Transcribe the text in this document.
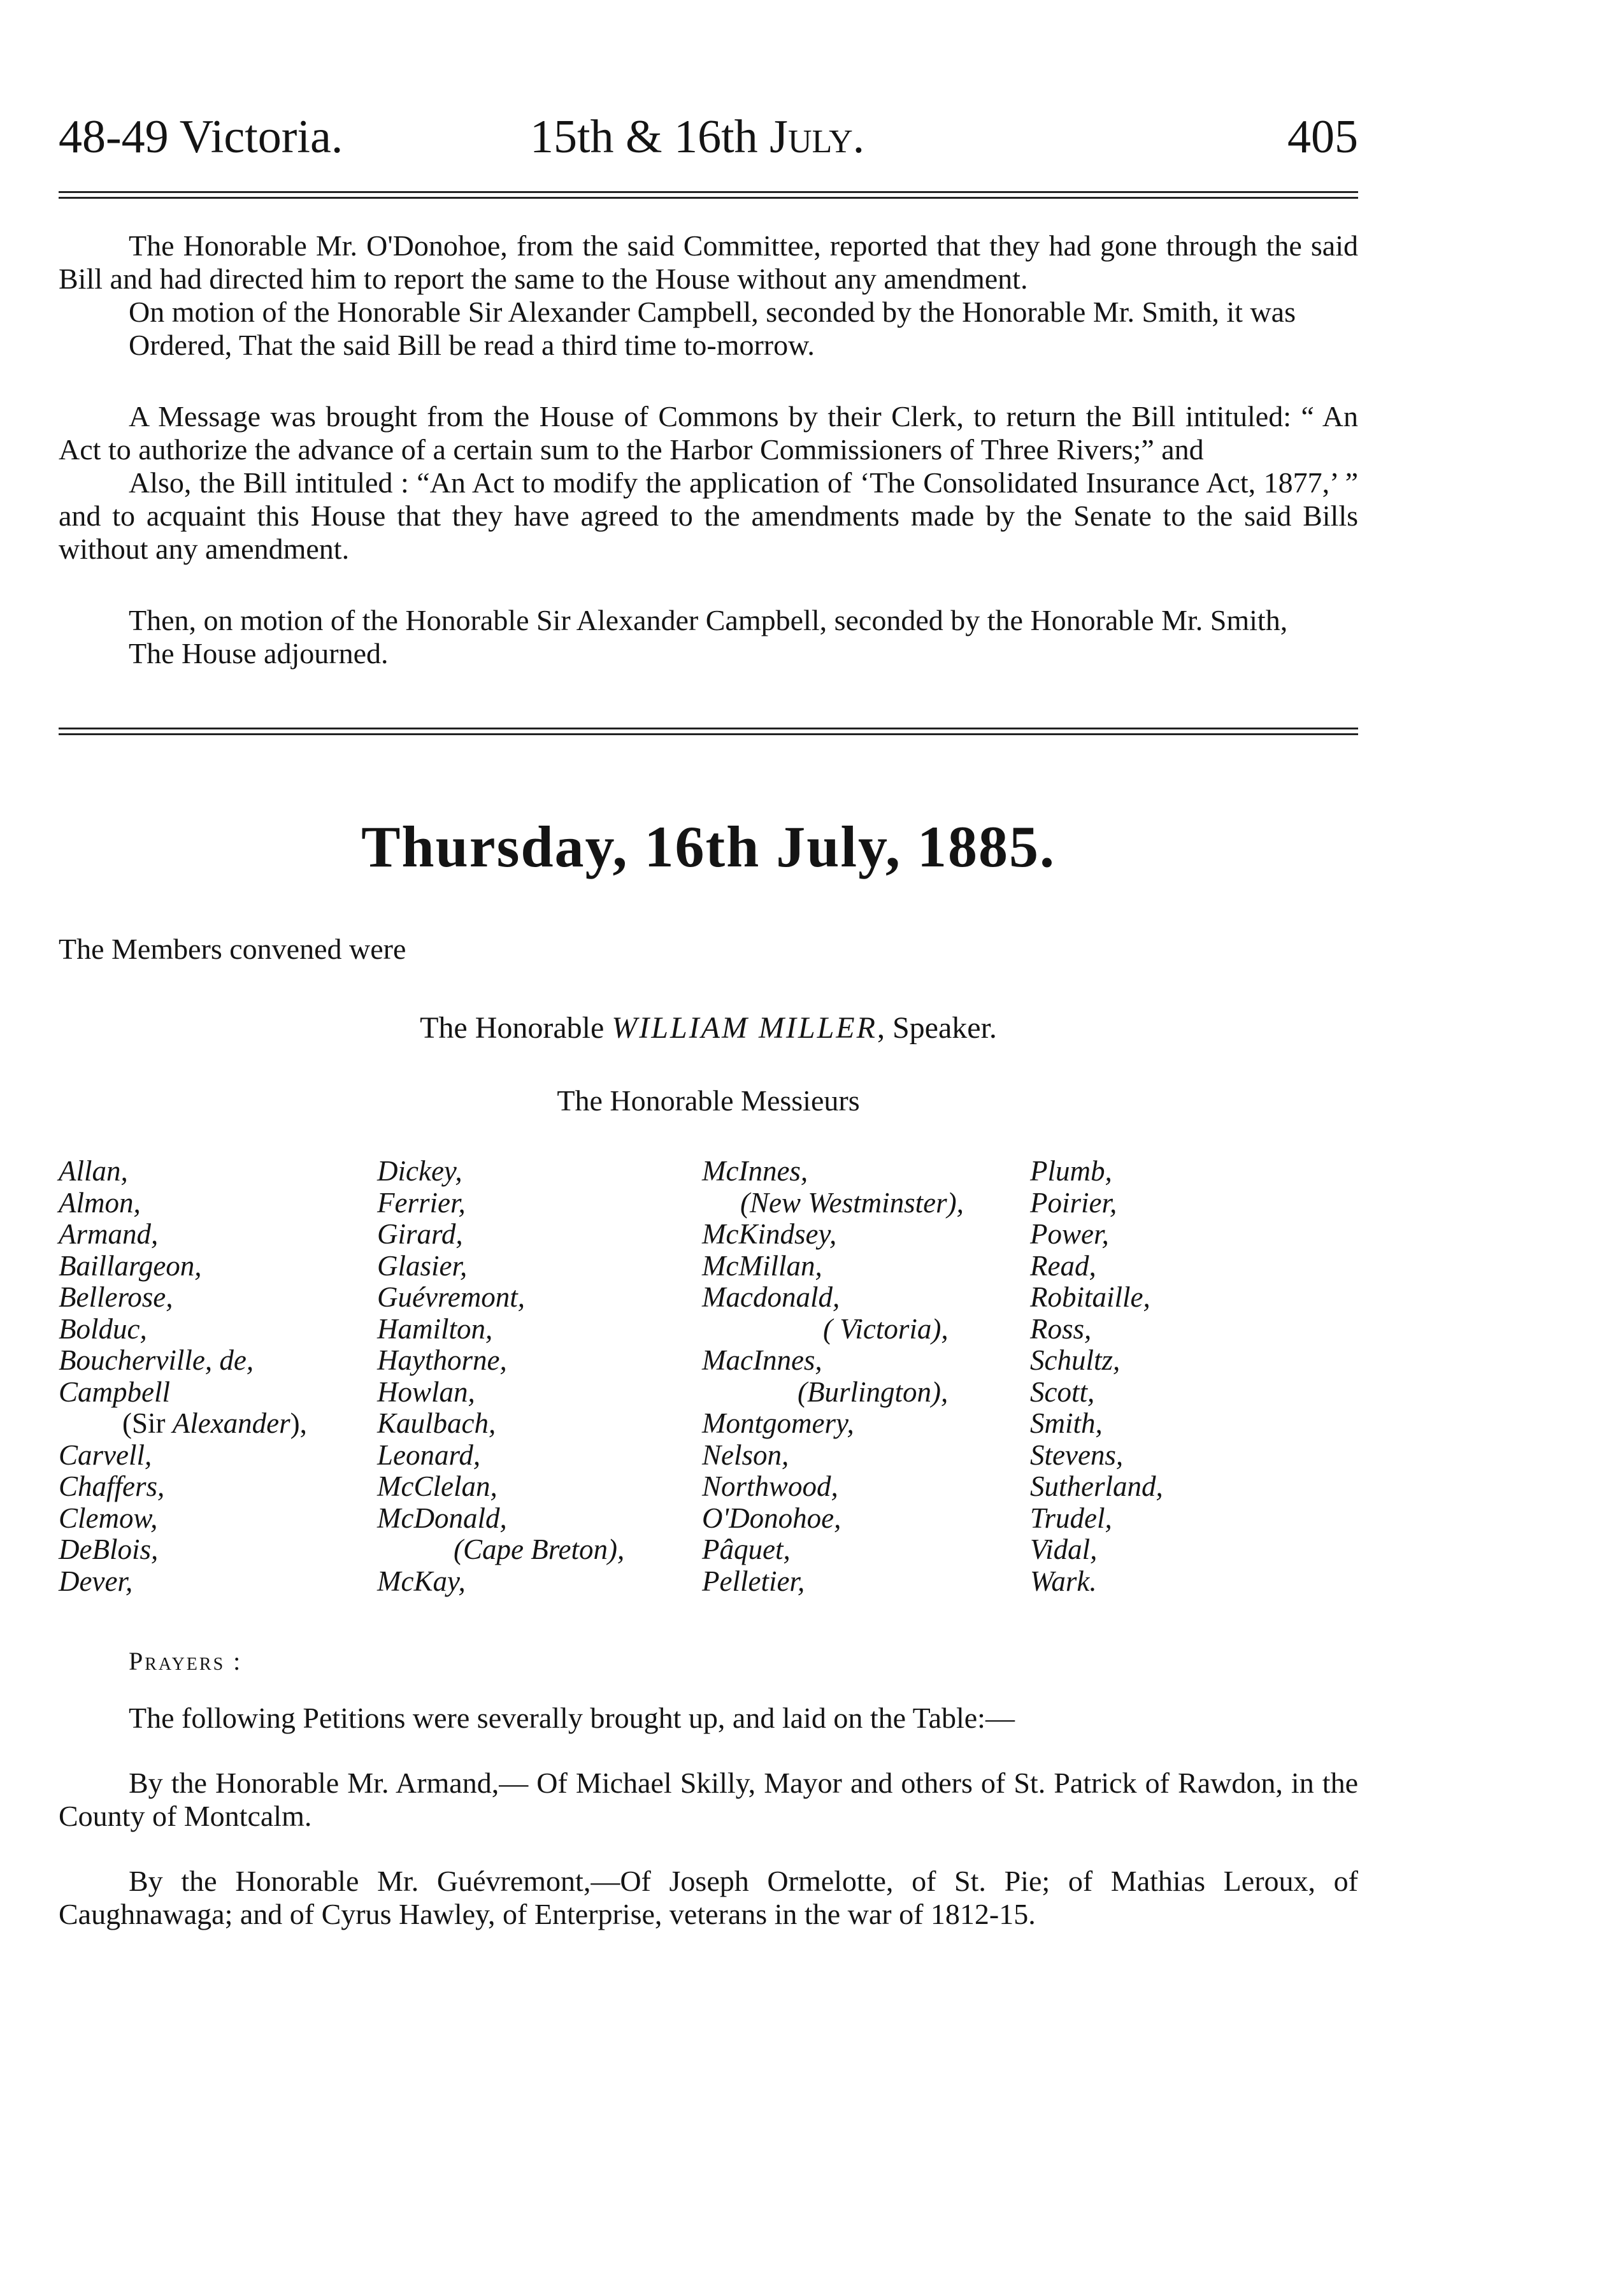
48-49 Victoria.	15th & 16th July.	405

The Honorable Mr. O'Donohoe, from the said Committee, reported that they had gone through the said Bill and had directed him to report the same to the House without any amendment.

On motion of the Honorable Sir Alexander Campbell, seconded by the Honorable Mr. Smith, it was

Ordered, That the said Bill be read a third time to-morrow.

A Message was brought from the House of Commons by their Clerk, to return the Bill intituled: “ An Act to authorize the advance of a certain sum to the Harbor Commissioners of Three Rivers;” and

Also, the Bill intituled : “An Act to modify the application of ‘The Consolidated Insurance Act, 1877,’ ” and to acquaint this House that they have agreed to the amendments made by the Senate to the said Bills without any amendment.

Then, on motion of the Honorable Sir Alexander Campbell, seconded by the Honorable Mr. Smith,

The House adjourned.

Thursday, 16th July, 1885.

The Members convened were

The Honorable WILLIAM MILLER, Speaker.

The Honorable Messieurs

Allan,
Almon,
Armand,
Baillargeon,
Bellerose,
Bolduc,
Boucherville, de,
Campbell
(Sir Alexander),
Carvell,
Chaffers,
Clemow,
DeBlois,
Dever,
Dickey,
Ferrier,
Girard,
Glasier,
Guévremont,
Hamilton,
Haythorne,
Howlan,
Kaulbach,
Leonard,
McClelan,
McDonald,
(Cape Breton),
McKay,
McInnes,
(New Westminster),
McKindsey,
McMillan,
Macdonald,
( Victoria),
MacInnes,
(Burlington),
Montgomery,
Nelson,
Northwood,
O'Donohoe,
Pâquet,
Pelletier,
Plumb,
Poirier,
Power,
Read,
Robitaille,
Ross,
Schultz,
Scott,
Smith,
Stevens,
Sutherland,
Trudel,
Vidal,
Wark.

Prayers :

The following Petitions were severally brought up, and laid on the Table:—

By the Honorable Mr. Armand,— Of Michael Skilly, Mayor and others of St. Patrick of Rawdon, in the County of Montcalm.

By the Honorable Mr. Guévremont,—Of Joseph Ormelotte, of St. Pie; of Mathias Leroux, of Caughnawaga; and of Cyrus Hawley, of Enterprise, veterans in the war of 1812-15.
